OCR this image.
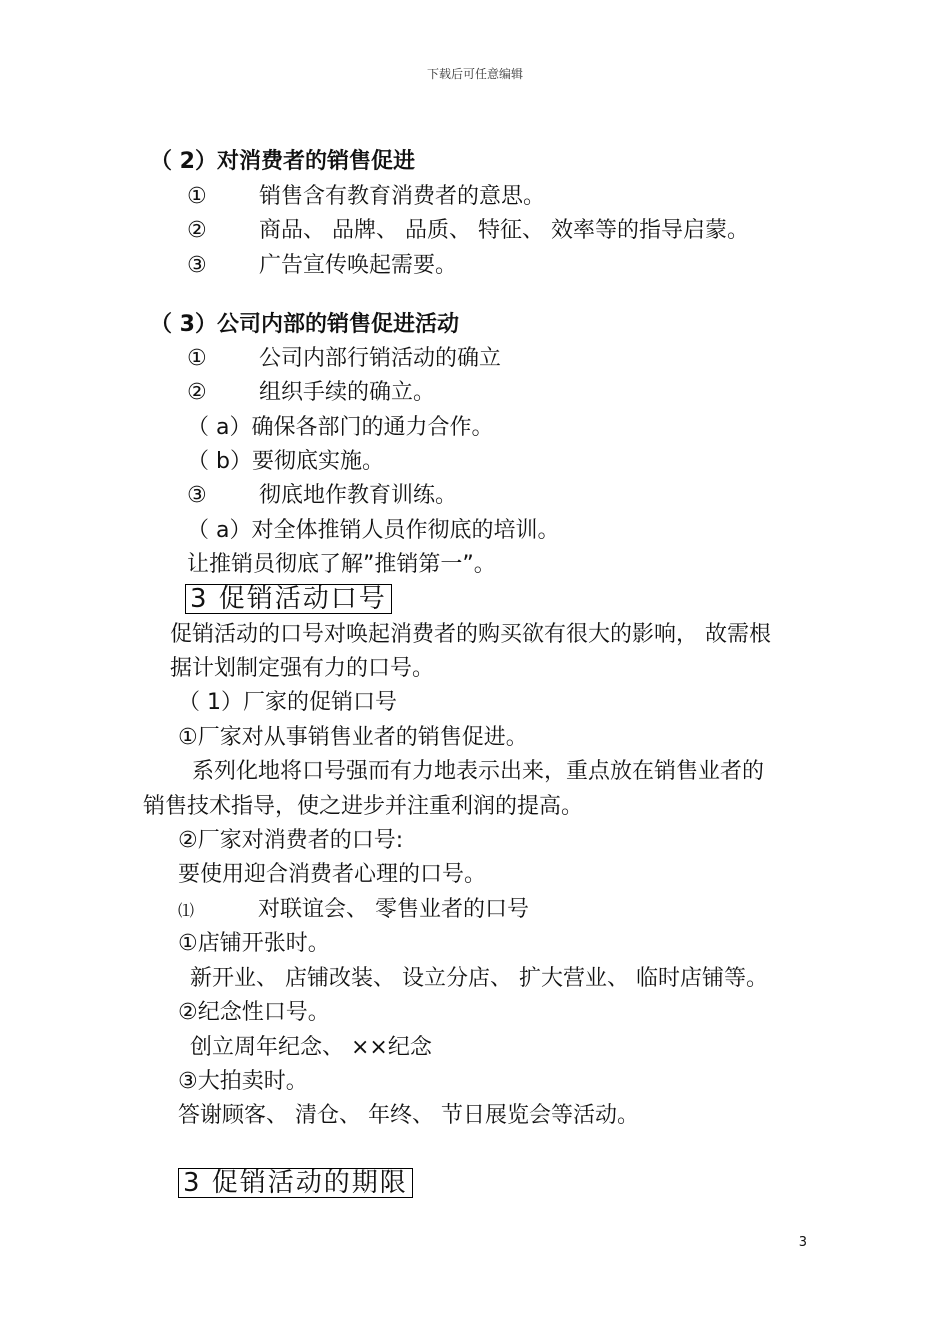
下载后可任意编辑
（ 2）对消费者的销售促进
① 销售含有教育消费者的意思。
② 商品、 品牌、 品质、 特征、 效率等的指导启蒙。
③ 广告宣传唤起需要。
（ 3）公司内部的销售促进活动
① 公司内部行销活动的确立
② 组织手续的确立。
（ a）确保各部门的通力合作。
（ b）要彻底实施。
③ 彻底地作教育训练。
（ a）对全体推销人员作彻底的培训。
让推销员彻底了解”推销第一”。
3 促销活动口号
促销活动的口号对唤起消费者的购买欲有很大的影响， 故需根
据计划制定强有力的口号。
（ 1）厂家的促销口号
①厂家对从事销售业者的销售促进。
系列化地将口号强而有力地表示出来，重点放在销售业者的
销售技术指导，使之进步并注重利润的提高。
②厂家对消费者的口号:
要使用迎合消费者心理的口号。
⑴	对联谊会、 零售业者的口号
①店铺开张时。
新开业、 店铺改装、 设立分店、 扩大营业、 临时店铺等。
②纪念性口号。
创立周年纪念、 ××纪念
③大拍卖时。
答谢顾客、 清仓、 年终、 节日展览会等活动。
3 促销活动的期限
3
